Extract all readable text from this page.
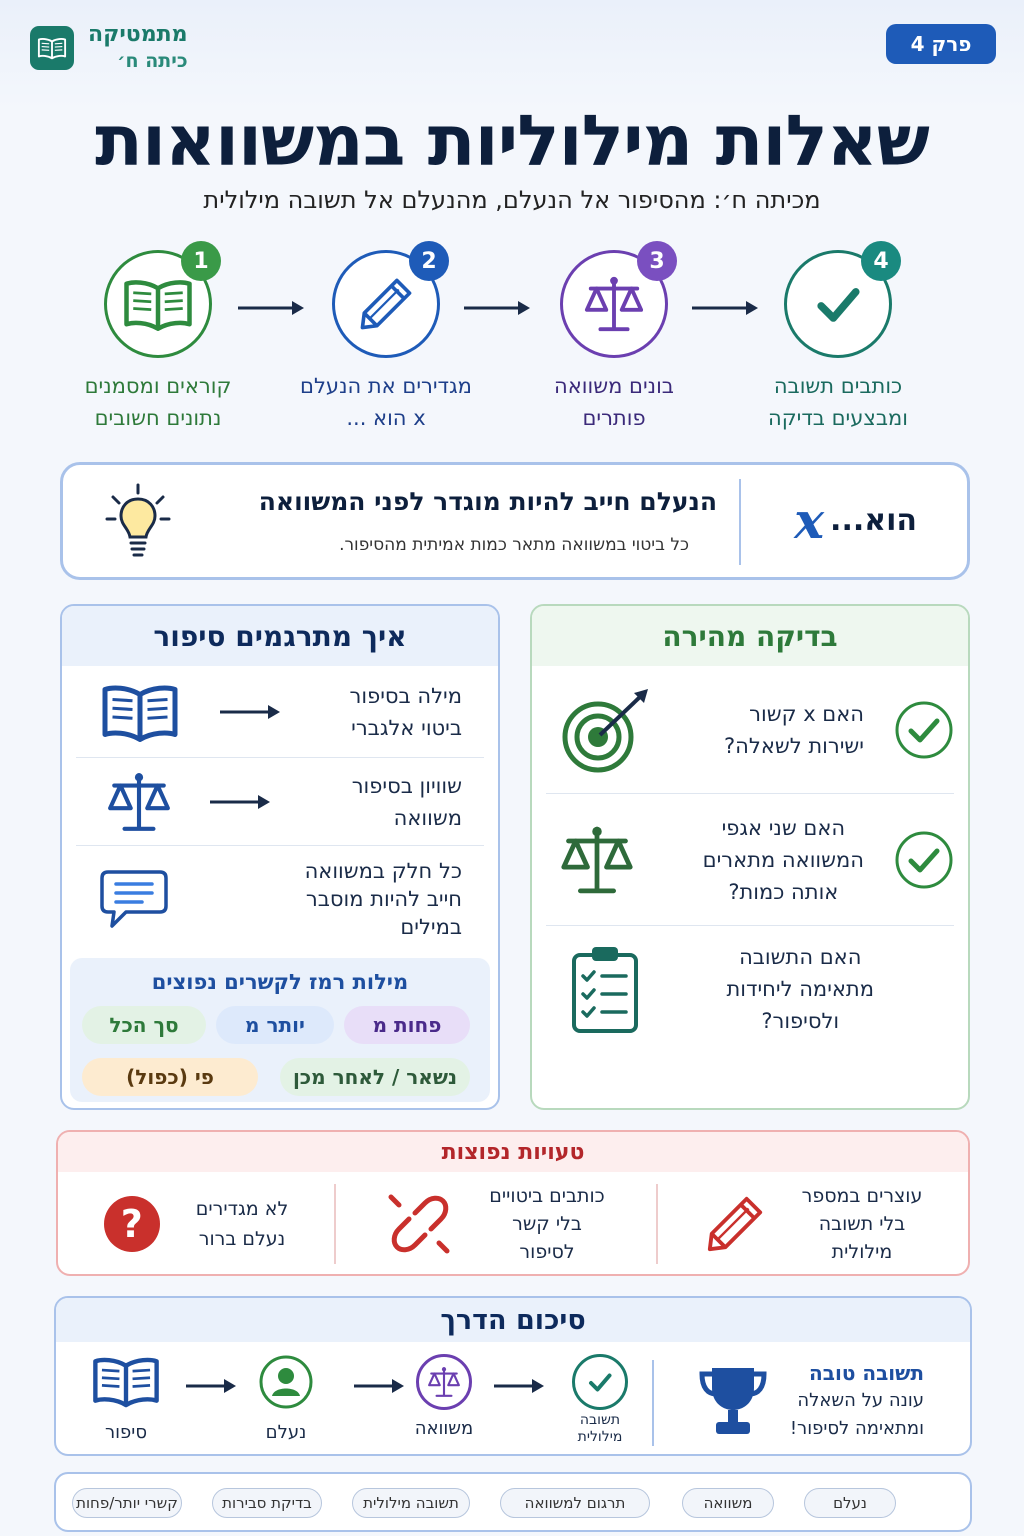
פרק 4
מתמטיקה
כיתה ח׳
שאלות מילוליות במשוואות
מכיתה ח׳: מהסיפור אל הנעלם, מהנעלם אל תשובה מילולית
4
כותבים תשובה
ומבצעים בדיקה
3
בונים משוואה
פותרים
2
מגדירים את הנעלם
x הוא ...
1
קוראים ומסמנים
נתונים חשובים
x הוא...
הנעלם חייב להיות מוגדר לפני המשוואה
כל ביטוי במשוואה מתאר כמות אמיתית מהסיפור.
איך מתרגמים סיפור
מילה בסיפור
ביטוי אלגברי
שוויון בסיפור
משוואה
כל חלק במשוואה
חייב להיות מוסבר
במילים
מילות רמז לקשרים נפוצים
פחות מ
יותר מ
סך הכל
נשאר / לאחר מכן
פי (כפול)
בדיקה מהירה
האם x קשור
ישירות לשאלה?
האם שני אגפי
המשוואה מתארים
אותה כמות?
האם התשובה
מתאימה ליחידות
ולסיפור?
טעויות נפוצות
עוצרים במספר
בלי תשובה
מילולית
כותבים ביטויים
בלי קשר
לסיפור
לא מגדירים
נעלם ברור
?
סיכום הדרך
תשובה טובה
עונה על השאלה
ומתאימה לסיפור!
סיפור	נעלם	משוואה	תשובה
מילולית
נעלם
משוואה
תרגום למשוואה
תשובה מילולית
בדיקת סבירות
קשרי יותר/פחות
